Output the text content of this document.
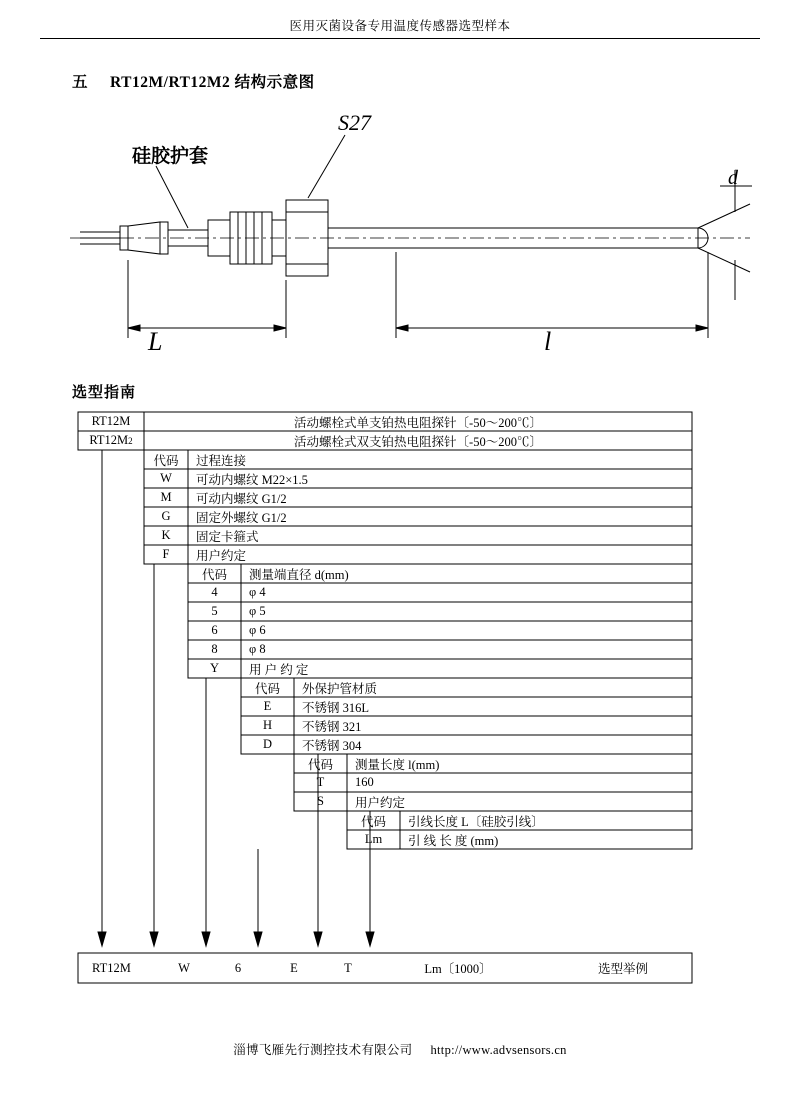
医用灭菌设备专用温度传感器选型样本
五 RT12M/RT12M2 结构示意图
硅胶护套
S27
d
L	l
选型指南
RT12M	活动螺栓式单支铂热电阻探针〔-50〜200℃〕
RT12M 2	活动螺栓式双支铂热电阻探针〔-50〜200℃〕
代码	过程连接
W	可动内螺纹 M22×1.5
M	可动内螺纹 G1/2
G	固定外螺纹 G1/2
K	固定卡箍式
F	用户约定
代码	测量端直径 d(mm)
4	φ 4
5	φ 5
6	φ 6
8	φ 8
Y	用 户 约 定
代码	外保护管材质
E	不锈钢 316L
H	不锈钢 321
D	不锈钢 304
代码	测量长度 l(mm)
T	160
S	用户约定
代码	引线长度 L〔硅胶引线〕
Lm	引 线 长 度 (mm)
RT12M	W	6	E	T	Lm〔1000〕	选型举例
淄博飞雁先行测控技术有限公司 http://www.advsensors.cn
